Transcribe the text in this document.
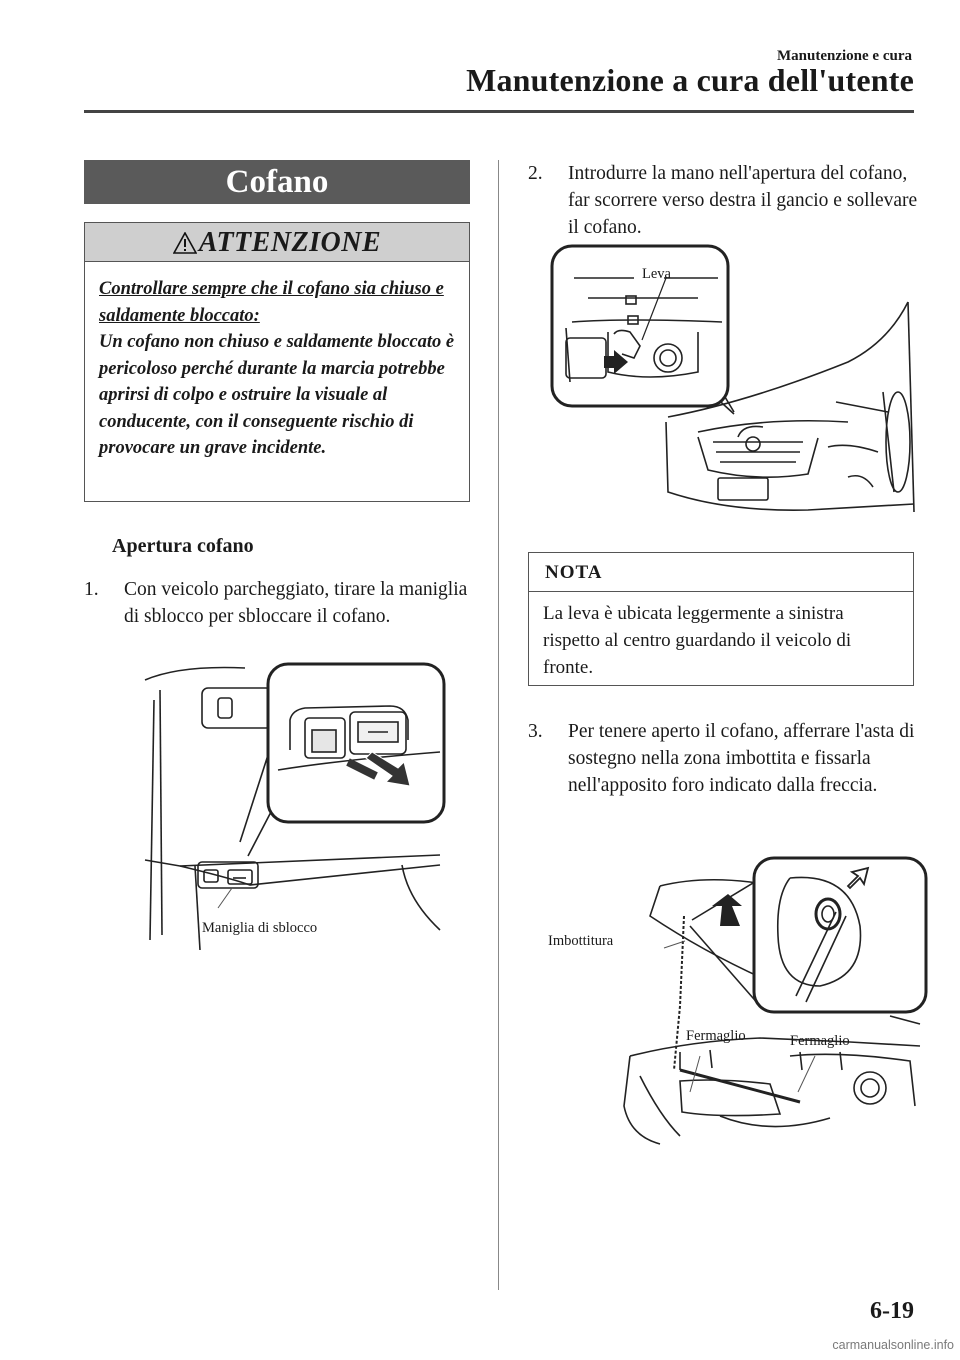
Manutenzione e cura
Manutenzione a cura dell'utente
Cofano
ATTENZIONE
Controllare sempre che il cofano sia chiuso e saldamente bloccato:
Un cofano non chiuso e saldamente bloccato è pericoloso perché durante la marcia potrebbe aprirsi di colpo e ostruire la visuale al conducente, con il conseguente rischio di provocare un grave incidente.
Apertura cofano
1. Con veicolo parcheggiato, tirare la maniglia di sblocco per sbloccare il cofano.
Maniglia di sblocco
2. Introdurre la mano nell'apertura del cofano, far scorrere verso destra il gancio e sollevare il cofano.
Leva
NOTA
La leva è ubicata leggermente a sinistra rispetto al centro guardando il veicolo di fronte.
3. Per tenere aperto il cofano, afferrare l'asta di sostegno nella zona imbottita e fissarla nell'apposito foro indicato dalla freccia.
Imbottitura
Fermaglio	Fermaglio
6-19
carmanualsonline.info
